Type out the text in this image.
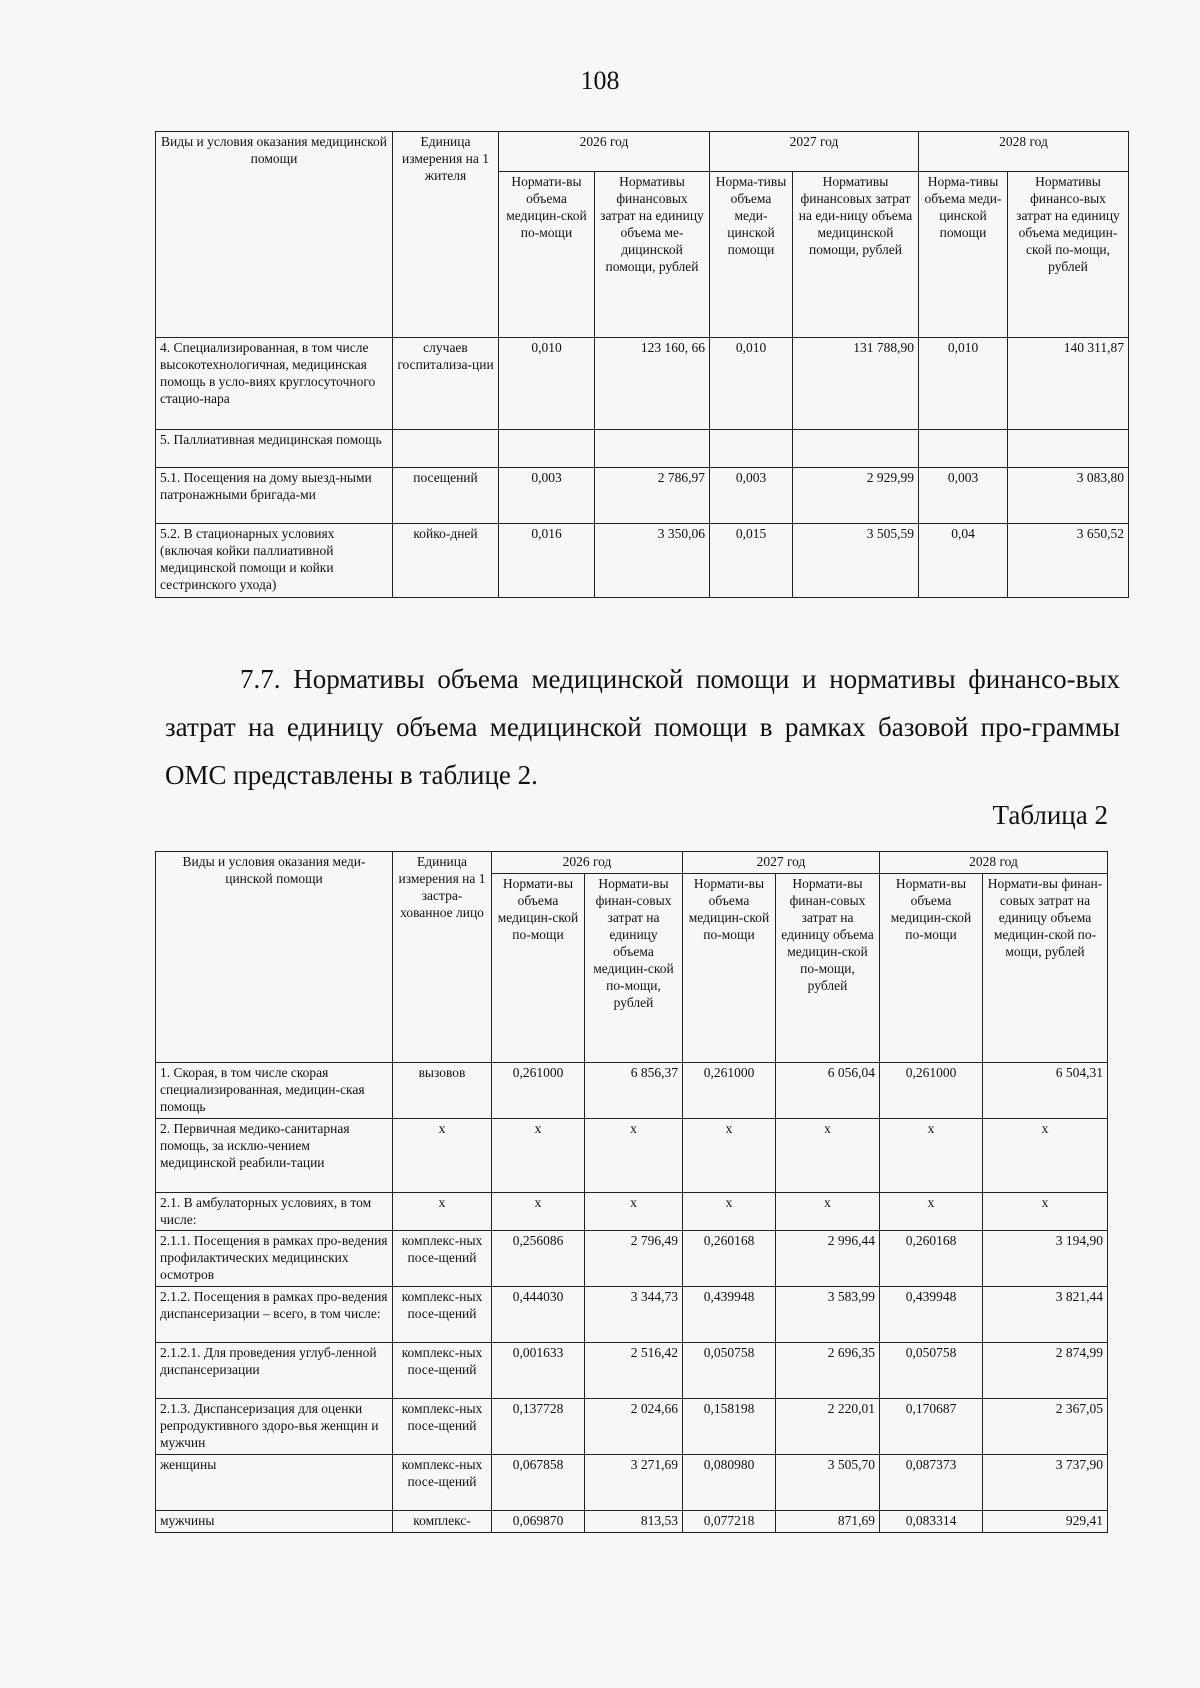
108
Виды и условия оказания медицинской помощи	Единица измерения на 1 жителя	2026 год		2027 год		2028 год	
		Нормати-вы объема медицин-ской по-мощи	Нормативы финансовых затрат на единицу объема ме-дицинской помощи, рублей	Норма-тивы объема меди-цинской помощи	Нормативы финансовых затрат на еди-ницу объема медицинской помощи, рублей	Норма-тивы объема меди-цинской помощи	Нормативы финансо-вых затрат на единицу объема медицин-ской по-мощи, рублей
4. Специализированная, в том числе высокотехнологичная, медицинская помощь в усло-виях круглосуточного стацио-нара	случаев госпитализа-ции	0,010	123 160, 66	0,010	131 788,90	0,010	140 311,87
5. Паллиативная медицинская помощь							
5.1. Посещения на дому выезд-ными патронажными бригада-ми	посещений	0,003	2 786,97	0,003	2 929,99	0,003	3 083,80
5.2. В стационарных условиях (включая койки паллиативной медицинской помощи и койки сестринского ухода)	койко-дней	0,016	3 350,06	0,015	3 505,59	0,04	3 650,52
7.7. Нормативы объема медицинской помощи и нормативы финансо-вых затрат на единицу объема медицинской помощи в рамках базовой про-граммы ОМС представлены в таблице 2.
Таблица 2
Виды и условия оказания меди-цинской помощи	Единица измерения на 1 застра-хованное лицо	2026 год		2027 год		2028 год	
		Нормати-вы объема медицин-ской по-мощи	Нормати-вы финан-совых затрат на единицу объема медицин-ской по-мощи, рублей	Нормати-вы объема медицин-ской по-мощи	Нормати-вы финан-совых затрат на единицу объема медицин-ской по-мощи, рублей	Нормати-вы объема медицин-ской по-мощи	Нормати-вы финан-совых затрат на единицу объема медицин-ской по-мощи, рублей
1. Скорая, в том числе скорая специализированная, медицин-ская помощь	вызовов	0,261000	6 856,37	0,261000	6 056,04	0,261000	6 504,31
2. Первичная медико-санитарная помощь, за исклю-чением медицинской реабили-тации	x	x	x	x	x	x	x
2.1. В амбулаторных условиях, в том числе:	x	x	x	x	x	x	x
2.1.1. Посещения в рамках про-ведения профилактических медицинских осмотров	комплекс-ных посе-щений	0,256086	2 796,49	0,260168	2 996,44	0,260168	3 194,90
2.1.2. Посещения в рамках про-ведения диспансеризации – всего, в том числе:	комплекс-ных посе-щений	0,444030	3 344,73	0,439948	3 583,99	0,439948	3 821,44
2.1.2.1. Для проведения углуб-ленной диспансеризации	комплекс-ных посе-щений	0,001633	2 516,42	0,050758	2 696,35	0,050758	2 874,99
2.1.3. Диспансеризация для оценки репродуктивного здоро-вья женщин и мужчин	комплекс-ных посе-щений	0,137728	2 024,66	0,158198	2 220,01	0,170687	2 367,05
женщины	комплекс-ных посе-щений	0,067858	3 271,69	0,080980	3 505,70	0,087373	3 737,90
мужчины	комплекс-	0,069870	813,53	0,077218	871,69	0,083314	929,41
